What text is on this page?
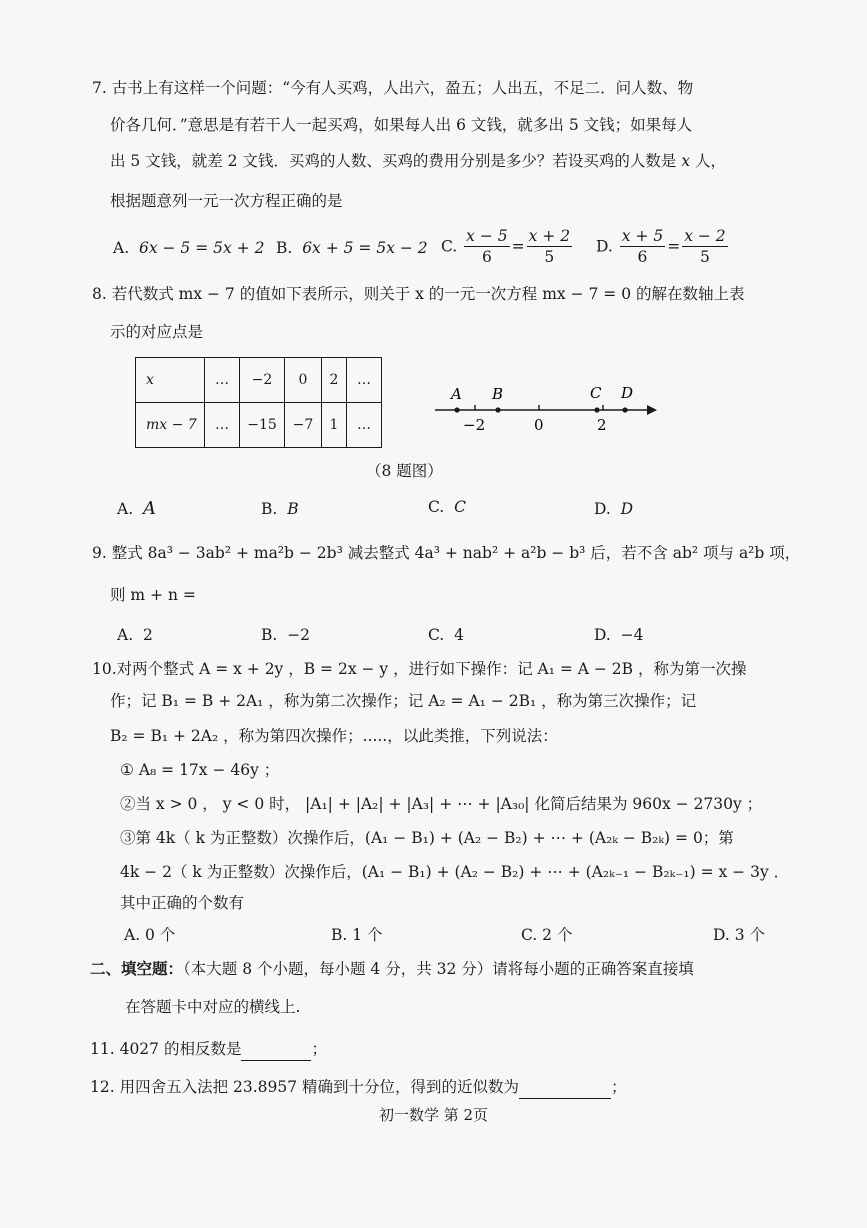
7. 古书上有这样一个问题：“今有人买鸡，人出六，盈五；人出五，不足二．问人数、物
价各几何．”意思是有若干人一起买鸡，如果每人出 6 文钱，就多出 5 文钱；如果每人
出 5 文钱，就差 2 文钱．买鸡的人数、买鸡的费用分别是多少？若设买鸡的人数是 x 人，
根据题意列一元一次方程正确的是
A. 6x − 5 = 5x + 2 B. 6x + 5 = 5x − 2 C. $\frac{x - 5}{6} = \frac{x + 2}{5} D$. $\frac{x + 5}{6} = \frac{x - 2}{5}$
8. 若代数式 mx − 7 的值如下表所示，则关于 x 的一元一次方程 mx − 7 = 0 的解在数轴上表
示的对应点是
x	…	−2	0	2	…
mx − 7	…	−15	−7	1	…
A B	C D
−2	0	2
（8 题图）
A. A	B. B	C. C	D. D
9. 整式 8a³ − 3ab² + ma²b − 2b³ 减去整式 4a³ + nab² + a²b − b³ 后，若不含 ab² 项与 a²b 项，
则 m + n =
A. 2	B. −2	C. 4	D. −4
10.对两个整式 A = x + 2y ，B = 2x − y ，进行如下操作：记 A₁ = A − 2B ，称为第一次操
作；记 B₁ = B + 2A₁ ，称为第二次操作；记 A₂ = A₁ − 2B₁ ，称为第三次操作；记
B₂ = B₁ + 2A₂ ，称为第四次操作；.....，以此类推，下列说法：
① A₈ = 17x − 46y ；
②当 x > 0 ， y < 0 时， |A₁| + |A₂| + |A₃| + ⋯ + |A₃₀| 化简后结果为 960x − 2730y ；
③第 4k（ k 为正整数）次操作后，(A₁ − B₁) + (A₂ − B₂) + ⋯ + (A₂ₖ − B₂ₖ) = 0；第
4k − 2（ k 为正整数）次操作后，(A₁ − B₁) + (A₂ − B₂) + ⋯ + (A₂ₖ₋₁ − B₂ₖ₋₁) = x − 3y ．
其中正确的个数有
A. 0 个	B. 1 个	C. 2 个	D. 3 个
二、填空题：（本大题 8 个小题，每小题 4 分，共 32 分）请将每小题的正确答案直接填
在答题卡中对应的横线上.
11. 4027 的相反数是	；
12. 用四舍五入法把 23.8957 精确到十分位，得到的近似数为	；
初一数学 第 2页
